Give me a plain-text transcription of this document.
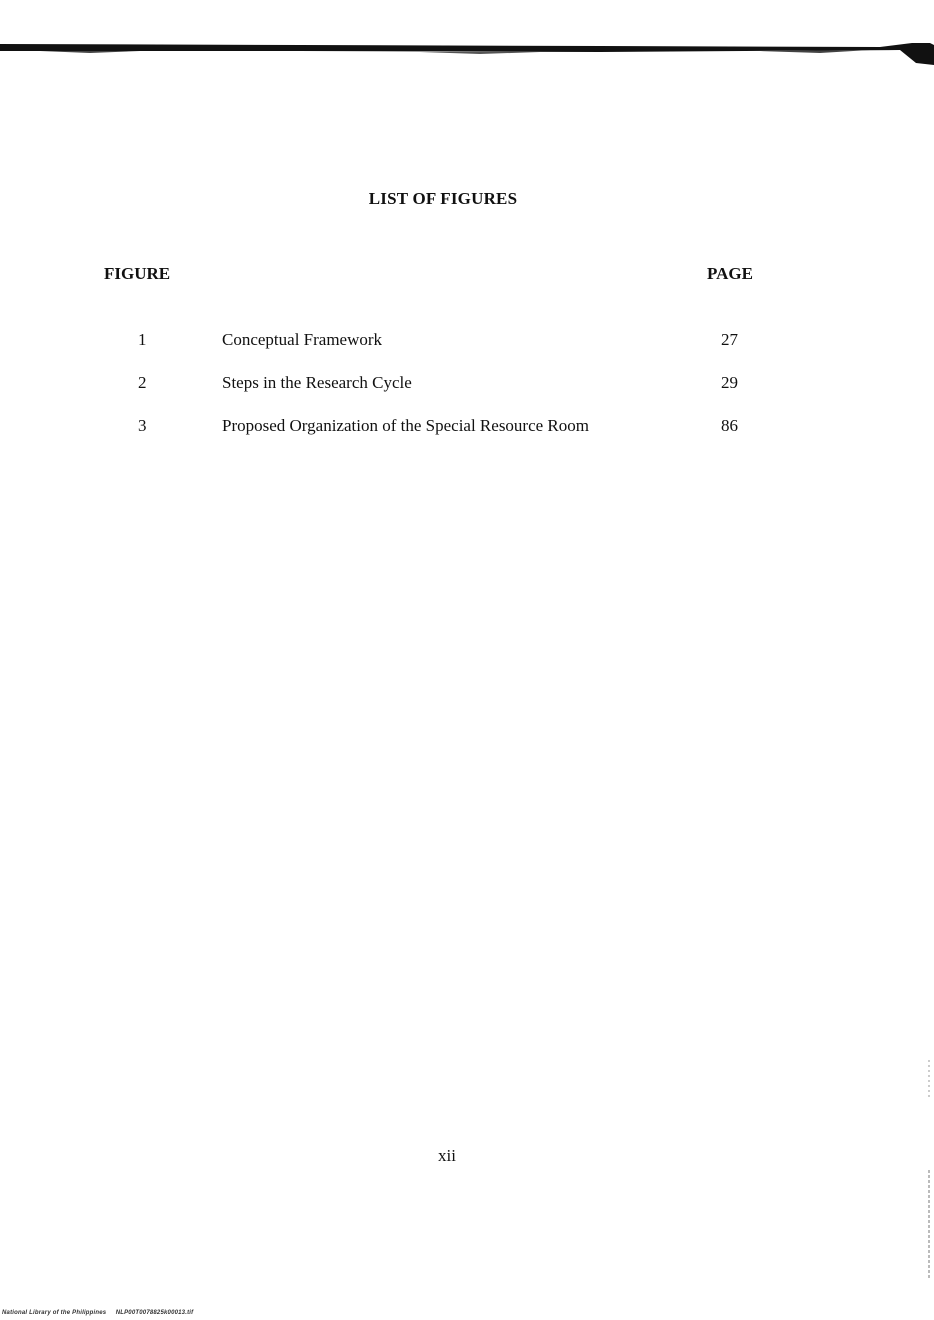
LIST OF FIGURES
FIGURE	PAGE
1	Conceptual Framework	27
2	Steps in the Research Cycle	29
3	Proposed Organization of the Special Resource Room	86
xii
National Library of the Philippines NLP00T0078825k00013.tif
